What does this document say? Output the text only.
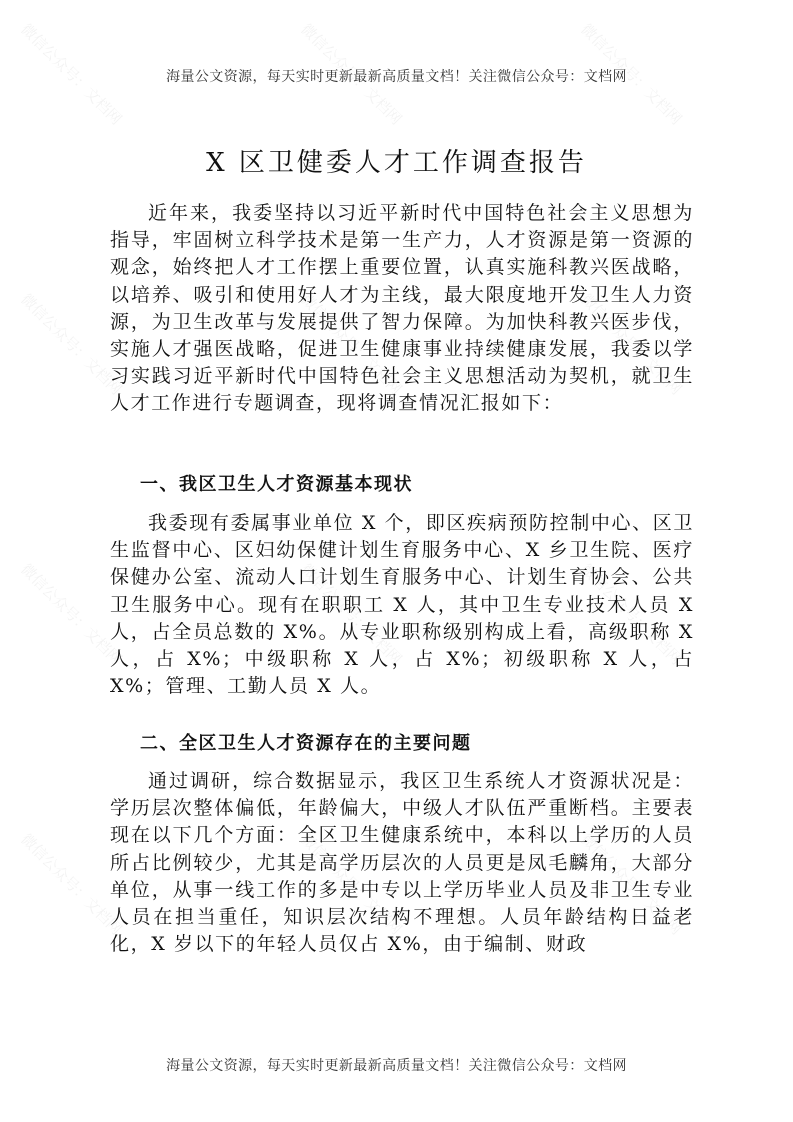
微信公众号：文档网	微信公众号：文档网	微信公众号：文档网
微信公众号：文档网	微信公众号：文档网	微信公众号：文档网
微信公众号：文档网	微信公众号：文档网	微信公众号：文档网
微信公众号：文档网	微信公众号：文档网	微信公众号：文档网
海量公文资源，每天实时更新最新高质量文档！关注微信公众号：文档网
X 区卫健委人才工作调查报告

近年来，我委坚持以习近平新时代中国特色社会主义思想为指导，牢固树立科学技术是第一生产力，人才资源是第一资源的观念，始终把人才工作摆上重要位置，认真实施科教兴医战略，以培养、吸引和使用好人才为主线，最大限度地开发卫生人力资源，为卫生改革与发展提供了智力保障。为加快科教兴医步伐，实施人才强医战略，促进卫生健康事业持续健康发展，我委以学习实践习近平新时代中国特色社会主义思想活动为契机，就卫生人才工作进行专题调查，现将调查情况汇报如下：

一、我区卫生人才资源基本现状

我委现有委属事业单位 X 个，即区疾病预防控制中心、区卫生监督中心、区妇幼保健计划生育服务中心、X 乡卫生院、医疗保健办公室、流动人口计划生育服务中心、计划生育协会、公共卫生服务中心。现有在职职工 X 人，其中卫生专业技术人员 X 人，占全员总数的 X%。从专业职称级别构成上看，高级职称 X 人，占 X%；中级职称 X 人，占 X%；初级职称 X 人，占 X%；管理、工勤人员 X 人。

二、全区卫生人才资源存在的主要问题

通过调研，综合数据显示，我区卫生系统人才资源状况是：学历层次整体偏低，年龄偏大，中级人才队伍严重断档。主要表现在以下几个方面：全区卫生健康系统中，本科以上学历的人员所占比例较少，尤其是高学历层次的人员更是凤毛麟角，大部分单位，从事一线工作的多是中专以上学历毕业人员及非卫生专业人员在担当重任，知识层次结构不理想。人员年龄结构日益老化，X 岁以下的年轻人员仅占 X%，由于编制、财政

海量公文资源，每天实时更新最新高质量文档！关注微信公众号：文档网
